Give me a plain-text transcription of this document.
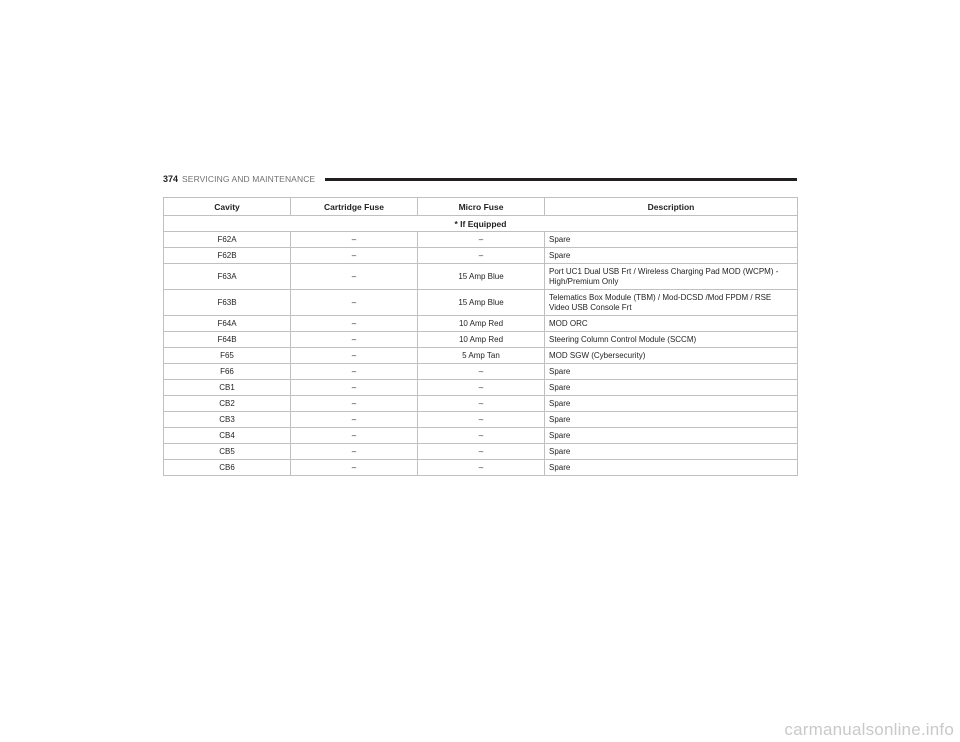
374 SERVICING AND MAINTENANCE
Cavity	Cartridge Fuse	Micro Fuse	Description
* If Equipped			
F62A	–	–	Spare
F62B	–	–	Spare
F63A	–	15 Amp Blue	Port UC1 Dual USB Frt / Wireless Charging Pad MOD (WCPM) - High/Premium Only
F63B	–	15 Amp Blue	Telematics Box Module (TBM) / Mod-DCSD /Mod FPDM / RSE Video USB Console Frt
F64A	–	10 Amp Red	MOD ORC
F64B	–	10 Amp Red	Steering Column Control Module (SCCM)
F65	–	5 Amp Tan	MOD SGW (Cybersecurity)
F66	–	–	Spare
CB1	–	–	Spare
CB2	–	–	Spare
CB3	–	–	Spare
CB4	–	–	Spare
CB5	–	–	Spare
CB6	–	–	Spare
carmanualsonline.info
